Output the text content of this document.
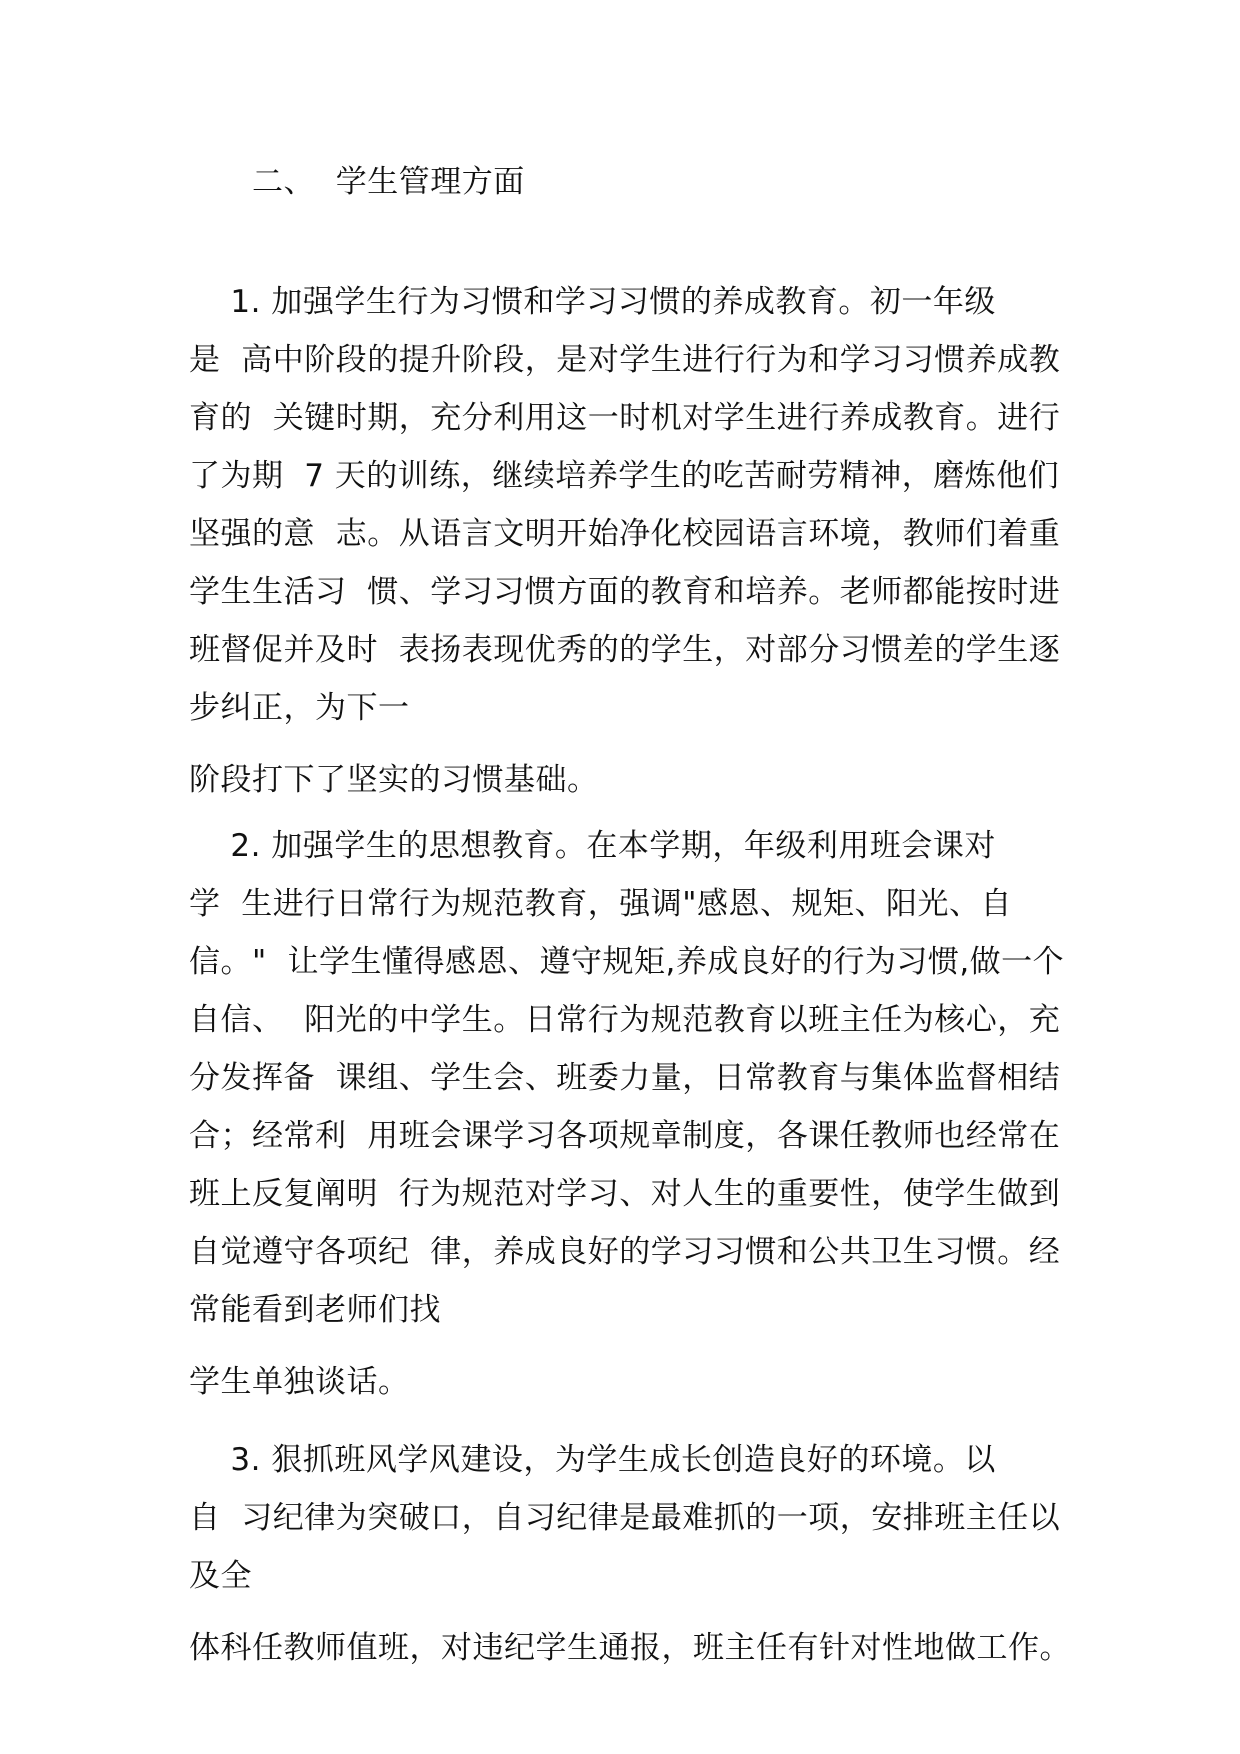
二、  学生管理方面
1. 加强学生行为习惯和学习习惯的养成教育。初一年级
是  高中阶段的提升阶段，是对学生进行行为和学习习惯养成教
育的  关键时期，充分利用这一时机对学生进行养成教育。进行
了为期  7 天的训练，继续培养学生的吃苦耐劳精神，磨炼他们
坚强的意  志。从语言文明开始净化校园语言环境，教师们着重
学生生活习  惯、学习习惯方面的教育和培养。老师都能按时进
班督促并及时  表扬表现优秀的的学生，对部分习惯差的学生逐
步纠正，为下一
阶段打下了坚实的习惯基础。
2. 加强学生的思想教育。在本学期，年级利用班会课对
学  生进行日常行为规范教育，强调"感恩、规矩、阳光、自
信。"  让学生懂得感恩、遵守规矩,养成良好的行为习惯,做一个
自信、  阳光的中学生。日常行为规范教育以班主任为核心，充
分发挥备  课组、学生会、班委力量，日常教育与集体监督相结
合；经常利  用班会课学习各项规章制度，各课任教师也经常在
班上反复阐明  行为规范对学习、对人生的重要性，使学生做到
自觉遵守各项纪  律，养成良好的学习习惯和公共卫生习惯。经
常能看到老师们找
学生单独谈话。
3. 狠抓班风学风建设，为学生成长创造良好的环境。以
自  习纪律为突破口，自习纪律是最难抓的一项，安排班主任以
及全
体科任教师值班，对违纪学生通报，班主任有针对性地做工作。
